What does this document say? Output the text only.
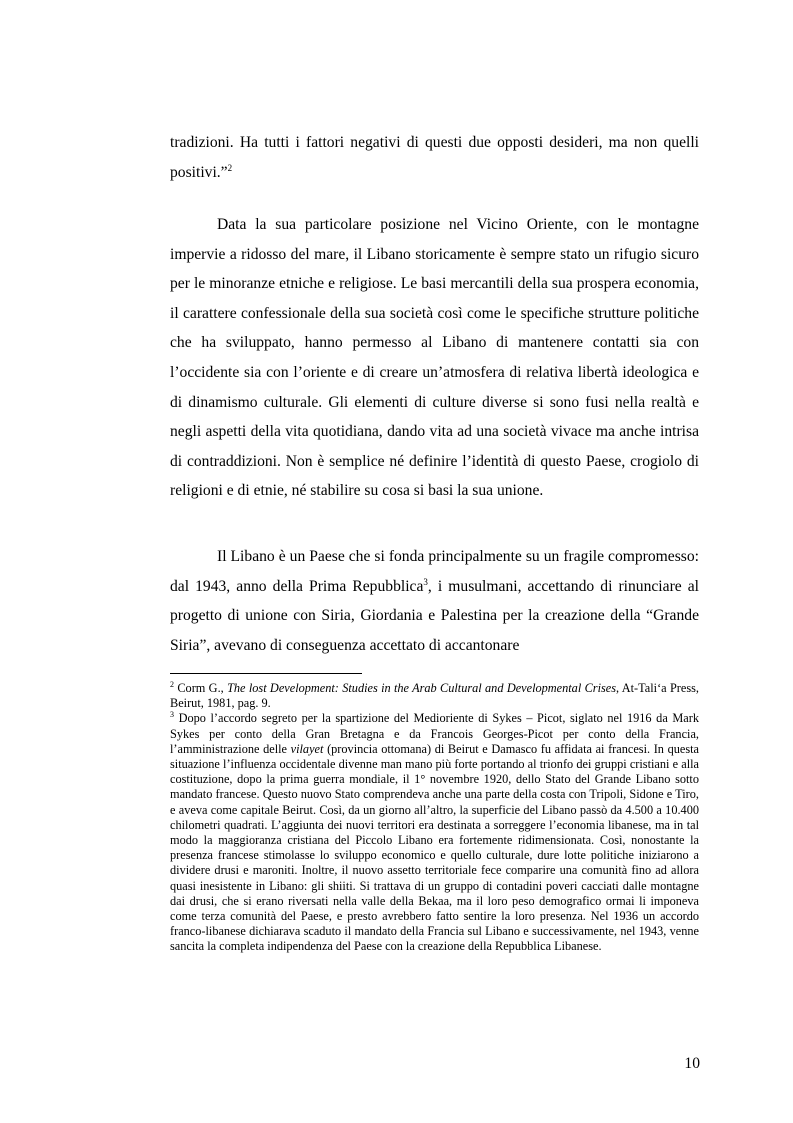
tradizioni. Ha tutti i fattori negativi di questi due opposti desideri, ma non quelli positivi.”$^2$

Data la sua particolare posizione nel Vicino Oriente, con le montagne impervie a ridosso del mare, il Libano storicamente è sempre stato un rifugio sicuro per le minoranze etniche e religiose. Le basi mercantili della sua prospera economia, il carattere confessionale della sua società così come le specifiche strutture politiche che ha sviluppato, hanno permesso al Libano di mantenere contatti sia con l’occidente sia con l’oriente e di creare un’atmosfera di relativa libertà ideologica e di dinamismo culturale. Gli elementi di culture diverse si sono fusi nella realtà e negli aspetti della vita quotidiana, dando vita ad una società vivace ma anche intrisa di contraddizioni. Non è semplice né definire l’identità di questo Paese, crogiolo di religioni e di etnie, né stabilire su cosa si basi la sua unione.

Il Libano è un Paese che si fonda principalmente su un fragile compromesso: dal 1943, anno della Prima Repubblica$^3$, i musulmani, accettando di rinunciare al progetto di unione con Siria, Giordania e Palestina per la creazione della “Grande Siria”, avevano di conseguenza accettato di accantonare

$^2$ Corm G., The lost Development: Studies in the Arab Cultural and Developmental Crises, At-Tali‘a Press, Beirut, 1981, pag. 9.

$^3$ Dopo l’accordo segreto per la spartizione del Medioriente di Sykes – Picot, siglato nel 1916 da Mark Sykes per conto della Gran Bretagna e da Francois Georges-Picot per conto della Francia, l’amministrazione delle vilayet (provincia ottomana) di Beirut e Damasco fu affidata ai francesi. In questa situazione l’influenza occidentale divenne man mano più forte portando al trionfo dei gruppi cristiani e alla costituzione, dopo la prima guerra mondiale, il 1° novembre 1920, dello Stato del Grande Libano sotto mandato francese. Questo nuovo Stato comprendeva anche una parte della costa con Tripoli, Sidone e Tiro, e aveva come capitale Beirut. Così, da un giorno all’altro, la superficie del Libano passò da 4.500 a 10.400 chilometri quadrati. L’aggiunta dei nuovi territori era destinata a sorreggere l’economia libanese, ma in tal modo la maggioranza cristiana del Piccolo Libano era fortemente ridimensionata. Così, nonostante la presenza francese stimolasse lo sviluppo economico e quello culturale, dure lotte politiche iniziarono a dividere drusi e maroniti. Inoltre, il nuovo assetto territoriale fece comparire una comunità fino ad allora quasi inesistente in Libano: gli shiiti. Si trattava di un gruppo di contadini poveri cacciati dalle montagne dai drusi, che si erano riversati nella valle della Bekaa, ma il loro peso demografico ormai li imponeva come terza comunità del Paese, e presto avrebbero fatto sentire la loro presenza. Nel 1936 un accordo franco-libanese dichiarava scaduto il mandato della Francia sul Libano e successivamente, nel 1943, venne sancita la completa indipendenza del Paese con la creazione della Repubblica Libanese.

10
